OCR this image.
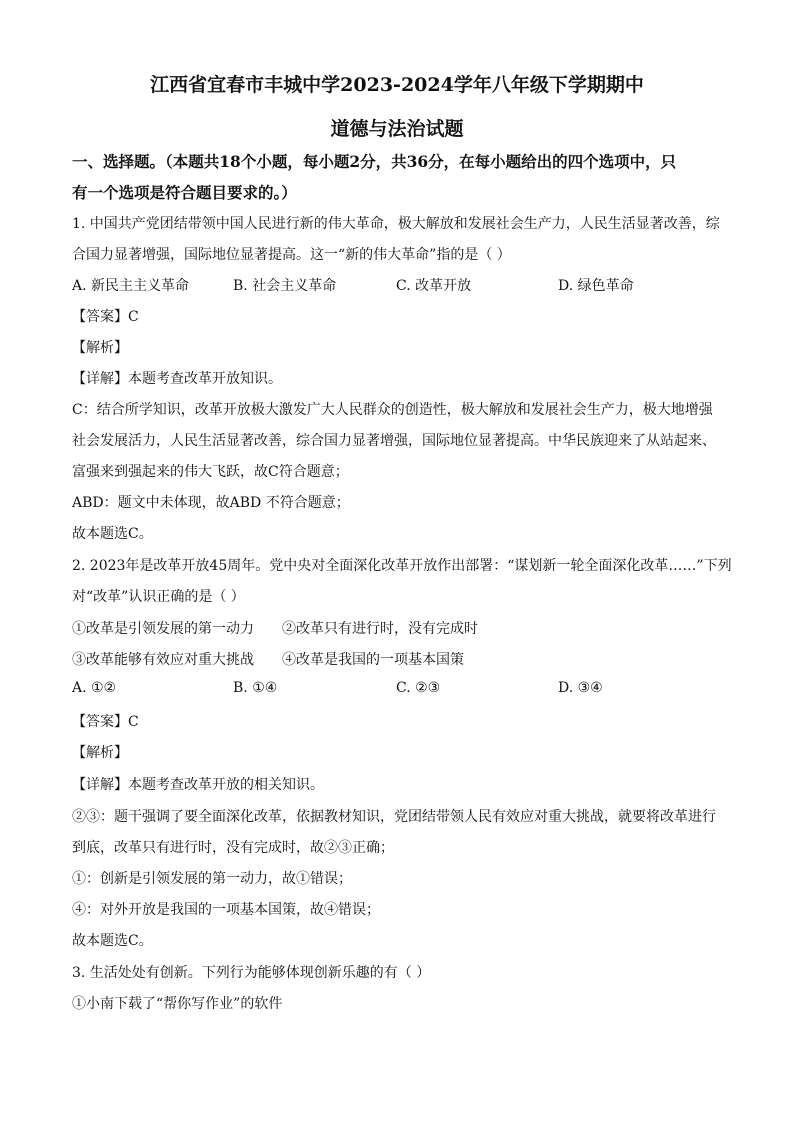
江西省宜春市丰城中学2023-2024学年八年级下学期期中
道德与法治试题
一、选择题。（本题共18个小题，每小题2分，共36分，在每小题给出的四个选项中，只
有一个选项是符合题目要求的。）
1. 中国共产党团结带领中国人民进行新的伟大革命，极大解放和发展社会生产力，人民生活显著改善，综
合国力显著增强，国际地位显著提高。这一“新的伟大革命”指的是（ ）
A. 新民主主义革命	B. 社会主义革命	C. 改革开放	D. 绿色革命
【答案】C
【解析】
【详解】本题考查改革开放知识。
C：结合所学知识，改革开放极大激发广大人民群众的创造性，极大解放和发展社会生产力，极大地增强
社会发展活力，人民生活显著改善，综合国力显著增强，国际地位显著提高。中华民族迎来了从站起来、
富强来到强起来的伟大飞跃，故C符合题意；
ABD：题文中未体现，故ABD 不符合题意；
故本题选C。
2. 2023年是改革开放45周年。党中央对全面深化改革开放作出部署：“谋划新一轮全面深化改革……”下列
对“改革”认识正确的是（ ）
①改革是引领发展的第一动力 ②改革只有进行时，没有完成时
③改革能够有效应对重大挑战 ④改革是我国的一项基本国策
A. ①②	B. ①④	C. ②③	D. ③④
【答案】C
【解析】
【详解】本题考查改革开放的相关知识。
②③：题干强调了要全面深化改革，依据教材知识，党团结带领人民有效应对重大挑战，就要将改革进行
到底，改革只有进行时，没有完成时，故②③正确；
①：创新是引领发展的第一动力，故①错误；
④：对外开放是我国的一项基本国策，故④错误；
故本题选C。
3. 生活处处有创新。下列行为能够体现创新乐趣的有（ ）
①小南下载了“帮你写作业”的软件
